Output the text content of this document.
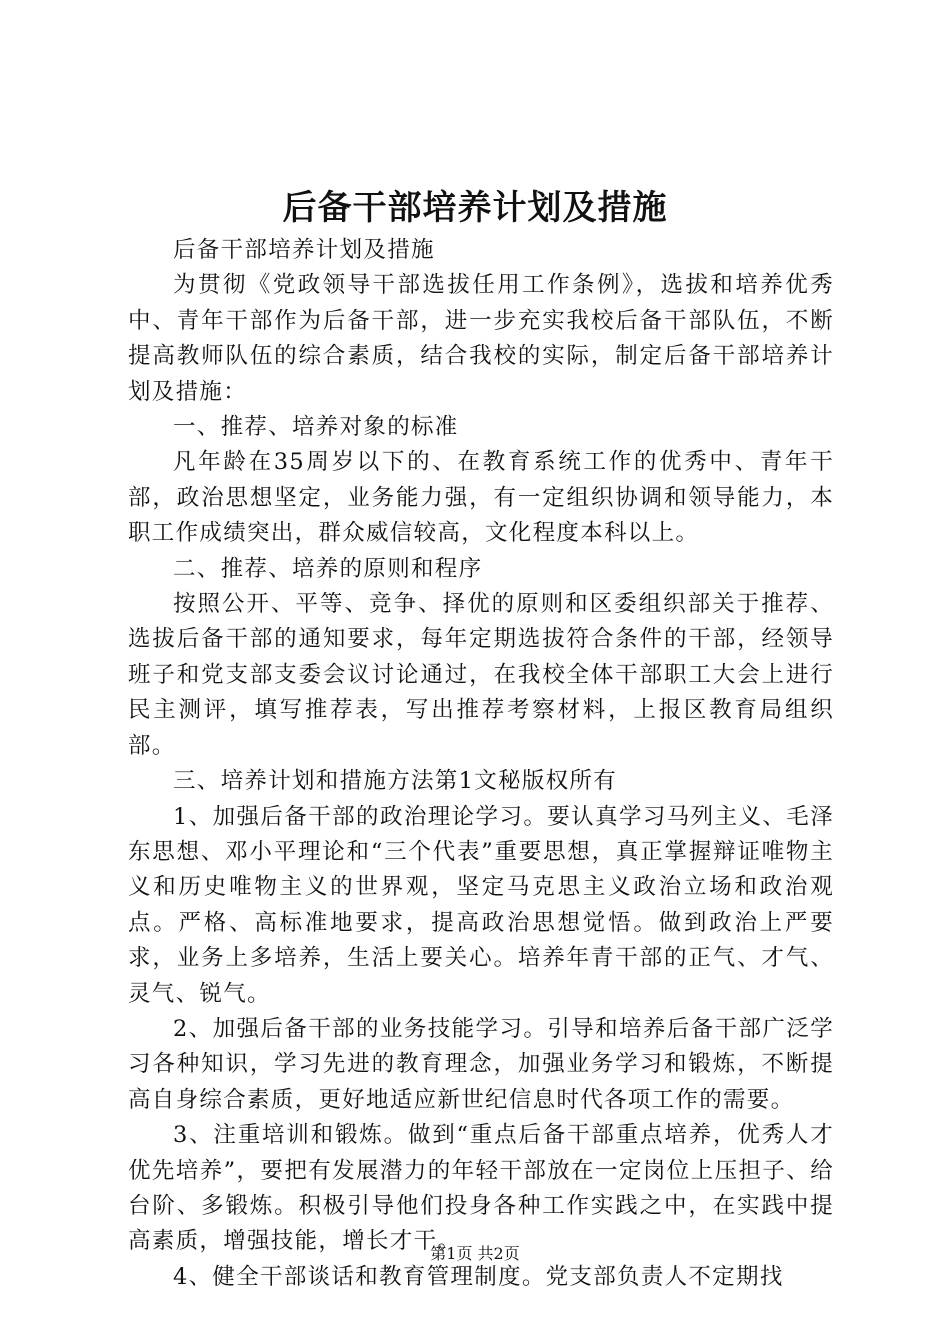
后备干部培养计划及措施

后备干部培养计划及措施

为贯彻《党政领导干部选拔任用工作条例》，选拔和培养优秀中、青年干部作为后备干部，进一步充实我校后备干部队伍，不断提高教师队伍的综合素质，结合我校的实际，制定后备干部培养计划及措施：

一、推荐、培养对象的标准

凡年龄在35周岁以下的、在教育系统工作的优秀中、青年干部，政治思想坚定，业务能力强，有一定组织协调和领导能力，本职工作成绩突出，群众威信较高，文化程度本科以上。

二、推荐、培养的原则和程序

按照公开、平等、竞争、择优的原则和区委组织部关于推荐、选拔后备干部的通知要求，每年定期选拔符合条件的干部，经领导班子和党支部支委会议讨论通过，在我校全体干部职工大会上进行民主测评，填写推荐表，写出推荐考察材料，上报区教育局组织部。

三、培养计划和措施方法第1文秘版权所有

1、加强后备干部的政治理论学习。要认真学习马列主义、毛泽东思想、邓小平理论和“三个代表”重要思想，真正掌握辩证唯物主义和历史唯物主义的世界观，坚定马克思主义政治立场和政治观点。严格、高标准地要求，提高政治思想觉悟。做到政治上严要求，业务上多培养，生活上要关心。培养年青干部的正气、才气、灵气、锐气。

2、加强后备干部的业务技能学习。引导和培养后备干部广泛学习各种知识，学习先进的教育理念，加强业务学习和锻炼，不断提高自身综合素质，更好地适应新世纪信息时代各项工作的需要。

3、注重培训和锻炼。做到“重点后备干部重点培养，优秀人才优先培养”，要把有发展潜力的年轻干部放在一定岗位上压担子、给台阶、多锻炼。积极引导他们投身各种工作实践之中，在实践中提高素质，增强技能，增长才干。

4、健全干部谈话和教育管理制度。党支部负责人不定期找

第1页 共2页
